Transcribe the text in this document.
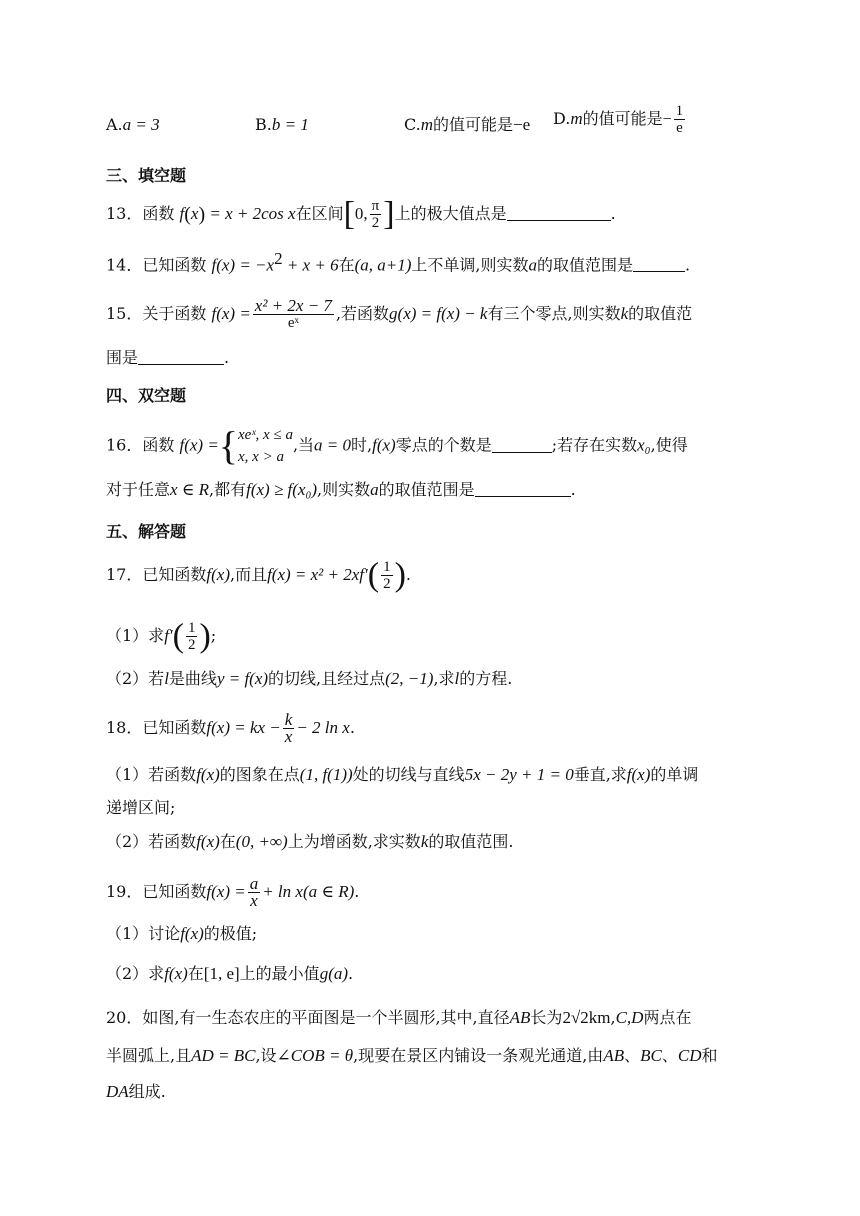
A.a = 3	B.b = 1	C.m的值可能是−e D.m的值可能是− $\frac{1}{e}$
三、填空题
13．函数 f(x) = x + 2cos x在区间[0, $\frac{\pi}{2}$ ]上的极大值点是	.
14．已知函数 $f(x) = -x^2 + x + 6$在(a, a+1)上不单调,则实数a的取值范围是	.
15．关于函数 $f(x) = \frac{\text{x² + 2x − 7}}{\text{eˣ}}$ ,若函数g(x) = f(x) − k有三个零点,则实数k的取值范
围是	.
四、双空题
16．函数 f(x) ={ xeˣ, x ≤ a
x, x > a
,当a = 0时,f(x)零点的个数是	;若存在实数x₀,使得
对于任意x ∈ R,都有f(x) ≥ f(x₀),则实数a的取值范围是	.
五、解答题
17．已知函数f(x),而且$f(x) = x^2 + 2xf'( \frac{1}{2}$ ).
（1）求$f'( \frac{1}{2}$ );
（2）若l是曲线y = f(x)的切线,且经过点(2, −1),求l的方程.
18．已知函数f(x) = kx − $\frac{k}{x} - 2$ ln x.
（1）若函数f(x)的图象在点(1, f(1))处的切线与直线5x − 2y + 1 = 0垂直,求f(x)的单调
递增区间;
（2）若函数f(x)在(0, +∞)上为增函数,求实数k的取值范围.
19．已知函数$f(x) = \frac{a}{x} + \ln x(a$ ∈ R).
（1）讨论f(x)的极值;
（2）求f(x)在[1, e]上的最小值g(a).
20．如图,有一生态农庄的平面图是一个半圆形,其中,直径AB长为2√2km,C,D两点在
半圆弧上,且AD = BC,设∠COB = θ,现要在景区内铺设一条观光通道,由AB、BC、CD和
DA组成.
